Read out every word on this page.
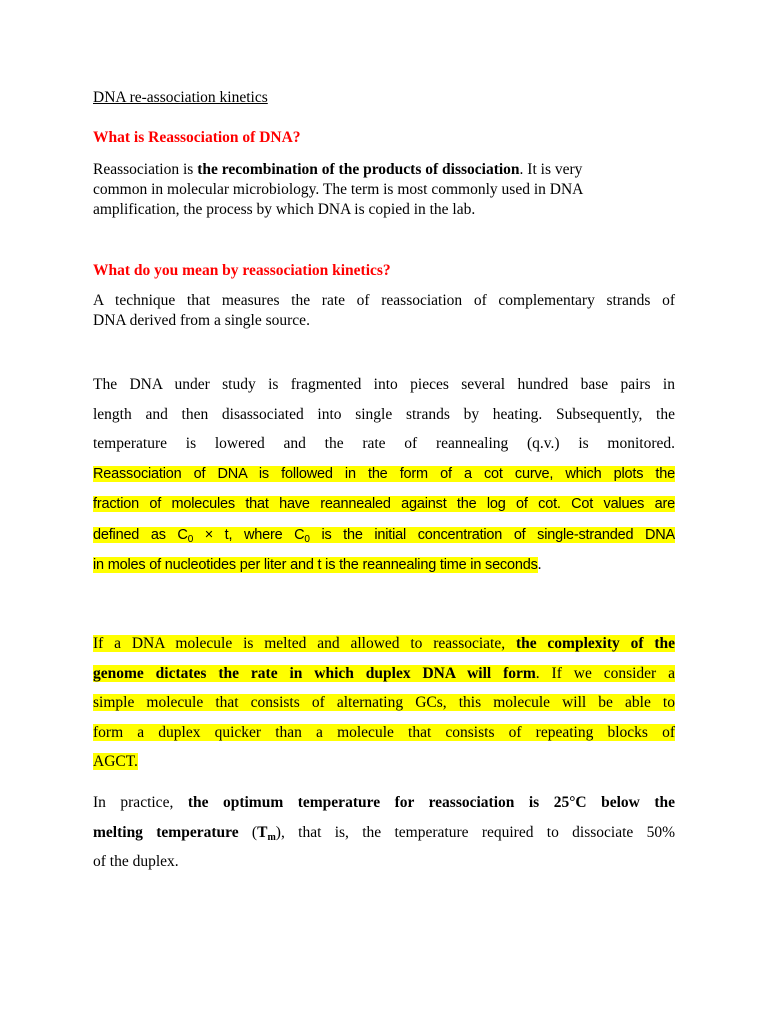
DNA re-association kinetics
What is Reassociation of DNA?
Reassociation is the recombination of the products of dissociation. It is very
common in molecular microbiology. The term is most commonly used in DNA
amplification, the process by which DNA is copied in the lab.
What do you mean by reassociation kinetics?
A technique that measures the rate of reassociation of complementary strands of
DNA derived from a single source.
The DNA under study is fragmented into pieces several hundred base pairs in
length and then disassociated into single strands by heating. Subsequently, the
temperature is lowered and the rate of reannealing (q.v.) is monitored.
Reassociation of DNA is followed in the form of a cot curve, which plots the
fraction of molecules that have reannealed against the log of cot. Cot values are
defined as $C_0 \times t$, where $C_0$ is the initial concentration of single-stranded DNA
in moles of nucleotides per liter and t is the reannealing time in seconds.
If a DNA molecule is melted and allowed to reassociate, the complexity of the
genome dictates the rate in which duplex DNA will form. If we consider a
simple molecule that consists of alternating GCs, this molecule will be able to
form a duplex quicker than a molecule that consists of repeating blocks of
AGCT.
In practice, the optimum temperature for reassociation is 25°C below the
melting temperature $(T_m)$, that is, the temperature required to dissociate 50%
of the duplex.
